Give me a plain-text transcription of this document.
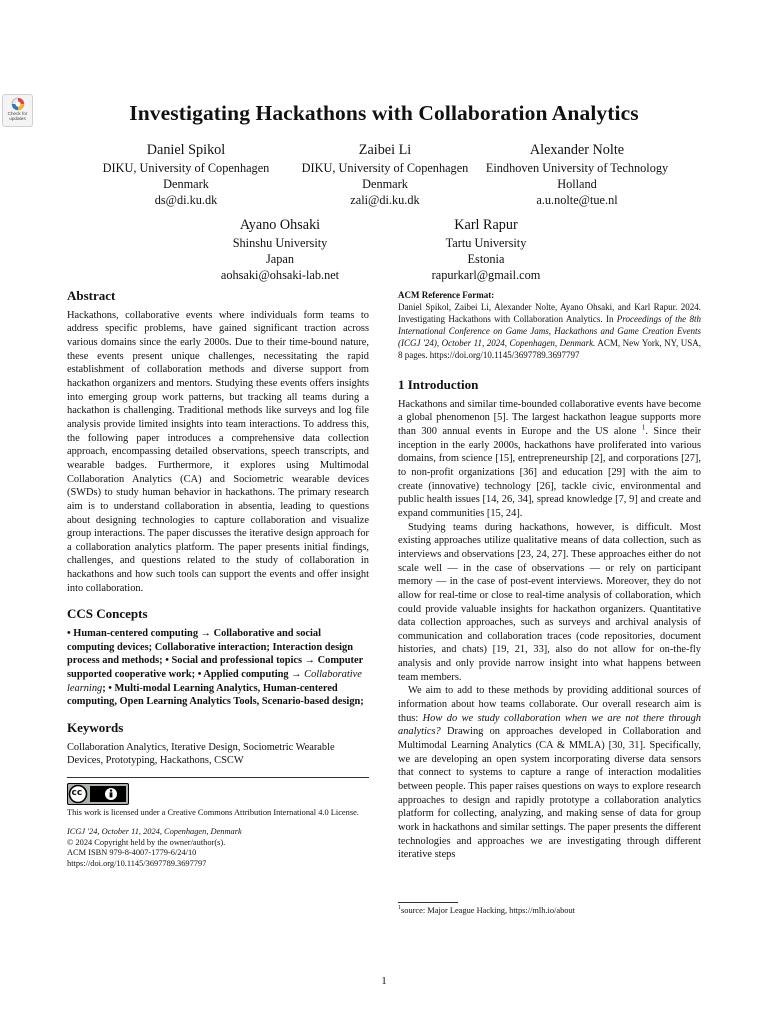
Check for
updates	Investigating Hackathons with Collaboration Analytics
Daniel Spikol
DIKU, University of Copenhagen
Denmark
ds@di.ku.dk
Zaibei Li
DIKU, University of Copenhagen
Denmark
zali@di.ku.dk
Alexander Nolte
Eindhoven University of Technology
Holland
a.u.nolte@tue.nl
Ayano Ohsaki
Shinshu University
Japan
aohsaki@ohsaki-lab.net
Karl Rapur
Tartu University
Estonia
rapurkarl@gmail.com
Abstract

Hackathons, collaborative events where individuals form teams to address specific problems, have gained significant traction across various domains since the early 2000s. Due to their time-bound nature, these events present unique challenges, necessitating the rapid establishment of collaboration methods and diverse support from hackathon organizers and mentors. Studying these events offers insights into emerging group work patterns, but tracking all teams during a hackathon is challenging. Traditional methods like surveys and log file analysis provide limited insights into team interactions. To address this, the following paper introduces a comprehensive data collection approach, encompassing detailed observations, speech transcripts, and wearable badges. Furthermore, it explores using Multimodal Collaboration Analytics (CA) and Sociometric wearable devices (SWDs) to study human behavior in hackathons. The primary research aim is to understand collaboration in absentia, leading to questions about designing technologies to capture collaboration and visualize group interactions. The paper discusses the iterative design approach for a collaboration analytics platform. The paper presents initial findings, challenges, and questions related to the study of collaboration in hackathons and how such tools can support the events and offer insight into collaboration.

CCS Concepts

• Human-centered computing → Collaborative and social computing devices; Collaborative interaction; Interaction design process and methods; • Social and professional topics → Computer supported cooperative work; • Applied computing → Collaborative learning; • Multi-modal Learning Analytics, Human-centered computing, Open Learning Analytics Tools, Scenario-based design;

Keywords

Collaboration Analytics, Iterative Design, Sociometric Wearable Devices, Prototyping, Hackathons, CSCW

cc

This work is licensed under a Creative Commons Attribution International 4.0 License.

ICGJ '24, October 11, 2024, Copenhagen, Denmark

© 2024 Copyright held by the owner/author(s).

ACM ISBN 979-8-4007-1779-6/24/10

https://doi.org/10.1145/3697789.3697797

ACM Reference Format:

Daniel Spikol, Zaibei Li, Alexander Nolte, Ayano Ohsaki, and Karl Rapur. 2024. Investigating Hackathons with Collaboration Analytics. In Proceedings of the 8th International Conference on Game Jams, Hackathons and Game Creation Events (ICGJ '24), October 11, 2024, Copenhagen, Denmark. ACM, New York, NY, USA, 8 pages. https://doi.org/10.1145/3697789.3697797

1 Introduction

Hackathons and similar time-bounded collaborative events have become a global phenomenon [5]. The largest hackathon league supports more than 300 annual events in Europe and the US alone $^1$. Since their inception in the early 2000s, hackathons have proliferated into various domains, from science [15], entrepreneurship [2], and corporations [27], to non-profit organizations [36] and education [29] with the aim to create (innovative) technology [26], tackle civic, environmental and public health issues [14, 26, 34], spread knowledge [7, 9] and create and expand communities [15, 24].

Studying teams during hackathons, however, is difficult. Most existing approaches utilize qualitative means of data collection, such as interviews and observations [23, 24, 27]. These approaches either do not scale well — in the case of observations — or rely on participant memory — in the case of post-event interviews. Moreover, they do not allow for real-time or close to real-time analysis of collaboration, which could provide valuable insights for hackathon organizers. Quantitative data collection approaches, such as surveys and archival analysis of communication and collaboration traces (code repositories, document histories, and chats) [19, 21, 33], also do not allow for on-the-fly analysis and only provide narrow insight into what happens between team members.

We aim to add to these methods by providing additional sources of information about how teams collaborate. Our overall research aim is thus: How do we study collaboration when we are not there through analytics? Drawing on approaches developed in Collaboration and Multimodal Learning Analytics (CA & MMLA) [30, 31]. Specifically, we are developing an open system incorporating diverse data sensors that connect to systems to capture a range of interaction modalities between people. This paper raises questions on ways to explore research approaches to design and rapidly prototype a collaboration analytics platform for collecting, analyzing, and making sense of data for group work in hackathons and similar settings. The paper presents the different technologies and approaches we are investigating through different iterative steps

$^1$source: Major League Hacking, https://mlh.io/about
1
